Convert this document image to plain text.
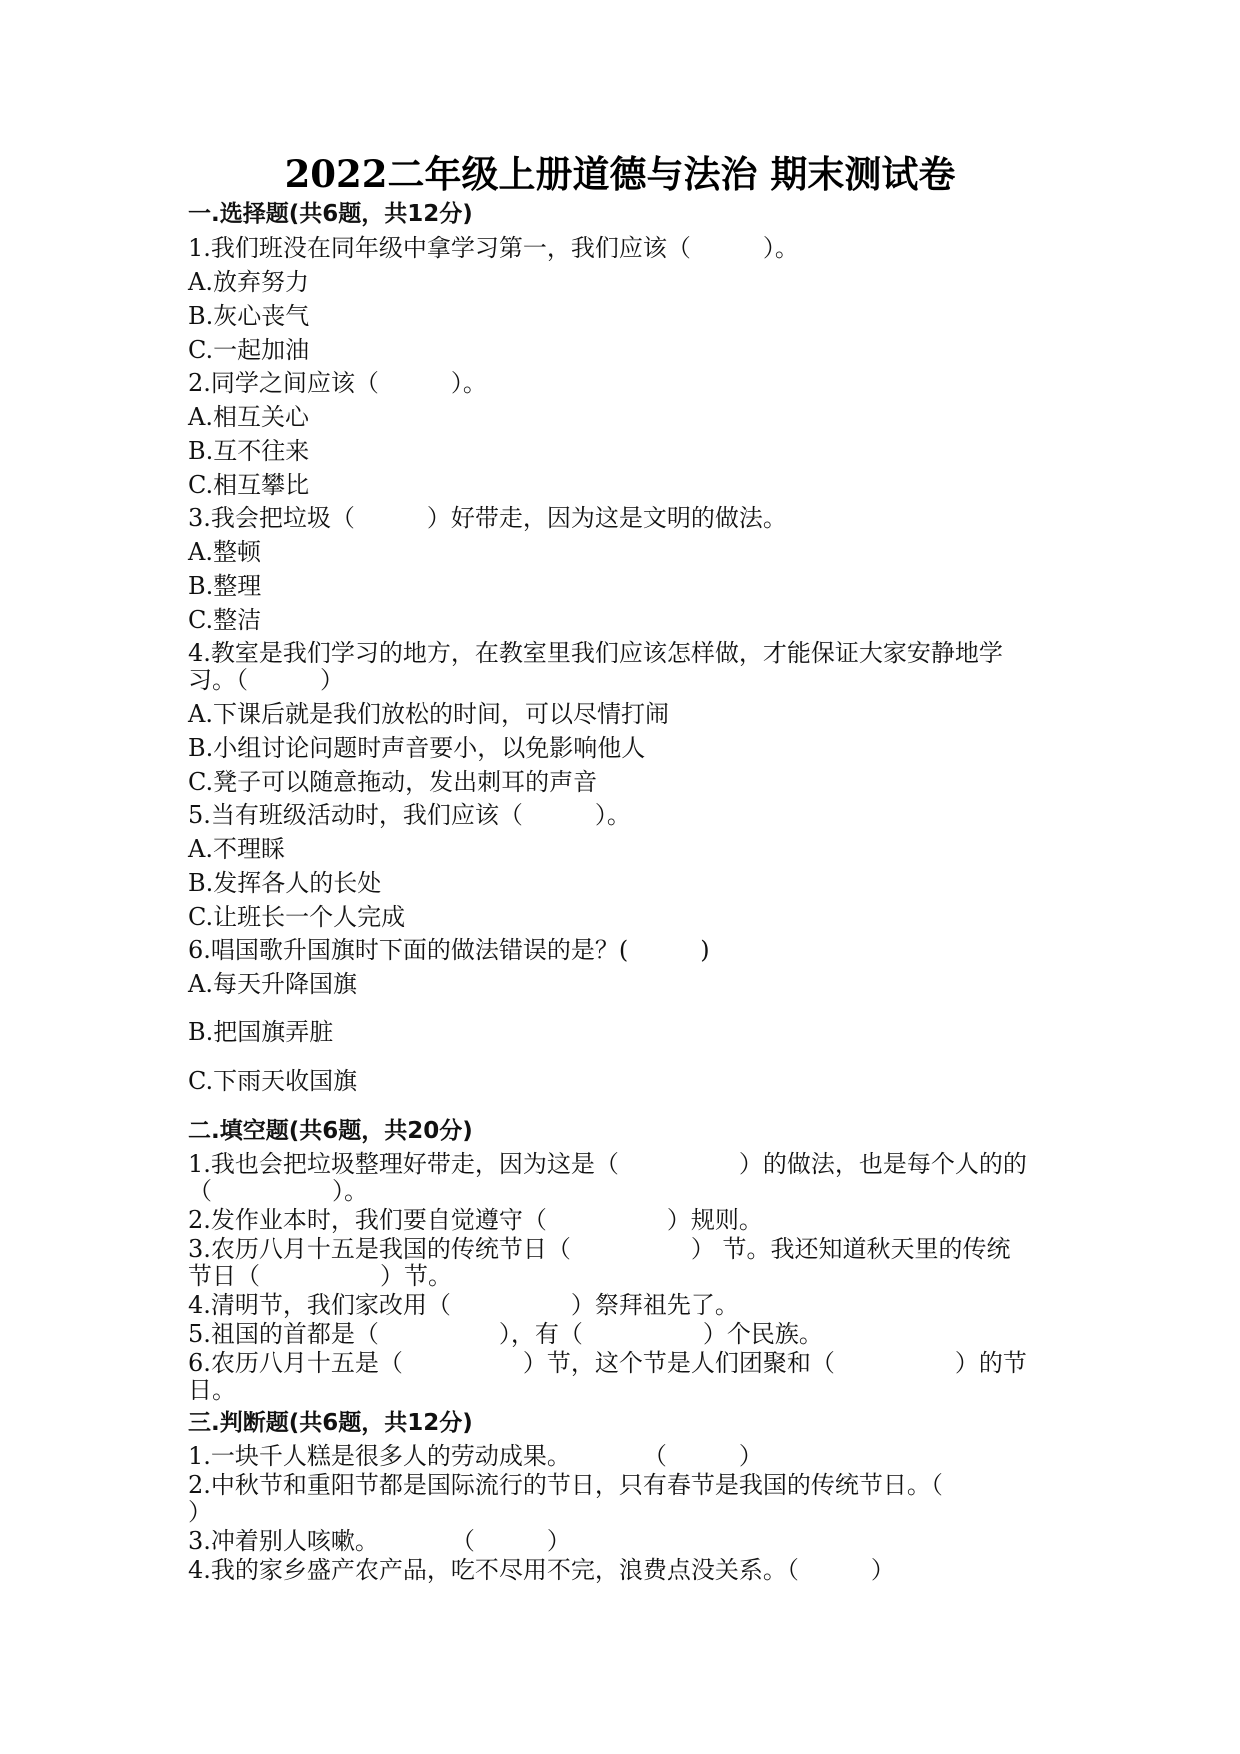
2022二年级上册道德与法治 期末测试卷
一.选择题(共6题，共12分)
1.我们班没在同年级中拿学习第一，我们应该（　　　）。
A.放弃努力
B.灰心丧气
C.一起加油
2.同学之间应该（　　　）。
A.相互关心
B.互不往来
C.相互攀比
3.我会把垃圾（　　　）好带走，因为这是文明的做法。
A.整顿
B.整理
C.整洁
4.教室是我们学习的地方，在教室里我们应该怎样做，才能保证大家安静地学
习。（　　　）
A.下课后就是我们放松的时间，可以尽情打闹
B.小组讨论问题时声音要小，以免影响他人
C.凳子可以随意拖动，发出刺耳的声音
5.当有班级活动时，我们应该（　　　）。
A.不理睬
B.发挥各人的长处
C.让班长一个人完成
6.唱国歌升国旗时下面的做法错误的是？(　　　)
A.每天升降国旗
B.把国旗弄脏
C.下雨天收国旗
二.填空题(共6题，共20分)
1.我也会把垃圾整理好带走，因为这是（　　　　　）的做法，也是每个人的的
（　　　　　）。
2.发作业本时，我们要自觉遵守（　　　　　）规则。
3.农历八月十五是我国的传统节日（　　　　　） 节。我还知道秋天里的传统
节日（　　　　　）节。
4.清明节，我们家改用（　　　　　）祭拜祖先了。
5.祖国的首都是（　　　　　），有（　　　　　）个民族。
6.农历八月十五是（　　　　　）节，这个节是人们团聚和（　　　　　）的节
日。
三.判断题(共6题，共12分)
1.一块千人糕是很多人的劳动成果。　　　　（　　　）
2.中秋节和重阳节都是国际流行的节日，只有春节是我国的传统节日。（
）
3.冲着别人咳嗽。　　　　（　　　）
4.我的家乡盛产农产品，吃不尽用不完，浪费点没关系。（　　　）
